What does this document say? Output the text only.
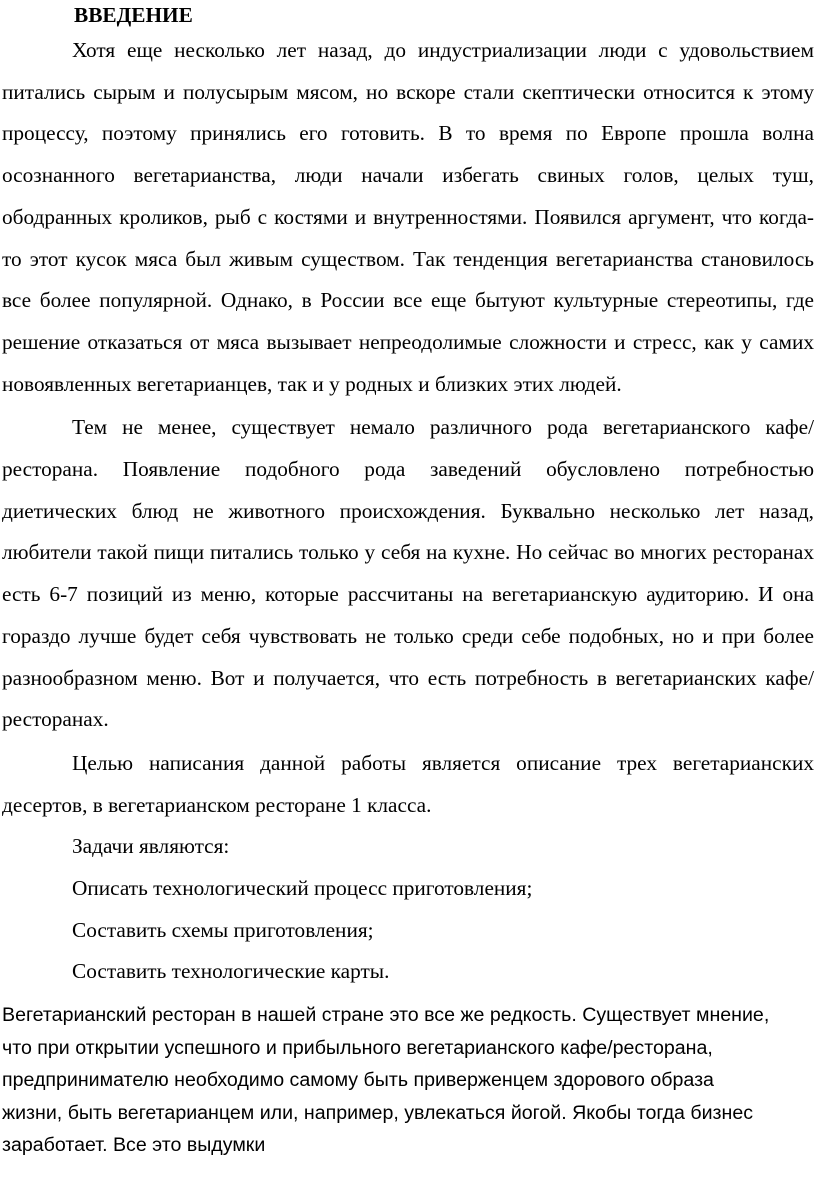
ВВЕДЕНИЕ

Хотя еще несколько лет назад, до индустриализации люди с удовольствием питались сырым и полусырым мясом, но вскоре стали скептически относится к этому процессу, поэтому принялись его готовить. В то время по Европе прошла волна осознанного вегетарианства, люди начали избегать свиных голов, целых туш, ободранных кроликов, рыб с костями и внутренностями. Появился аргумент, что когда-то этот кусок мяса был живым существом. Так тенденция вегетарианства становилось все более популярной. Однако, в России все еще бытуют культурные стереотипы, где решение отказаться от мяса вызывает непреодолимые сложности и стресс, как у самих новоявленных вегетарианцев, так и у родных и близких этих людей.

Тем не менее, существует немало различного рода вегетарианского кафе/ресторана. Появление подобного рода заведений обусловлено потребностью диетических блюд не животного происхождения. Буквально несколько лет назад, любители такой пищи питались только у себя на кухне. Но сейчас во многих ресторанах есть 6-7 позиций из меню, которые рассчитаны на вегетарианскую аудиторию. И она гораздо лучше будет себя чувствовать не только среди себе подобных, но и при более разнообразном меню. Вот и получается, что есть потребность в вегетарианских кафе/ресторанах.

Целью написания данной работы является описание трех вегетарианских десертов, в вегетарианском ресторане 1 класса.

Задачи являются:

Описать технологический процесс приготовления;

Составить схемы приготовления;

Составить технологические карты.

Вегетарианский ресторан в нашей стране это все же редкость. Существует мнение, что при открытии успешного и прибыльного вегетарианского кафе/ресторана, предпринимателю необходимо самому быть приверженцем здорового образа жизни, быть вегетарианцем или, например, увлекаться йогой. Якобы тогда бизнес заработает. Все это выдумки
